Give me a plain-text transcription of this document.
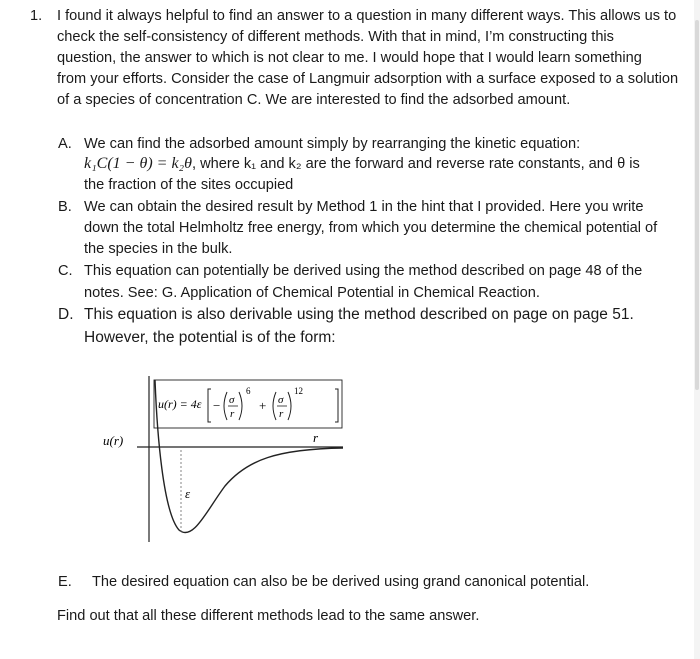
1. I found it always helpful to find an answer to a question in many different ways. This allows us to
check the self-consistency of different methods. With that in mind, I’m constructing this
question, the answer to which is not clear to me. I would hope that I would learn something
from your efforts. Consider the case of Langmuir adsorption with a surface exposed to a solution
of a species of concentration C. We are interested to find the adsorbed amount.
A. We can find the adsorbed amount simply by rearranging the kinetic equation:
k₁C(1 − θ) = k₂θ, where k₁ and k₂ are the forward and reverse rate constants, and θ is
the fraction of the sites occupied
B. We can obtain the desired result by Method 1 in the hint that I provided. Here you write
down the total Helmholtz free energy, from which you determine the chemical potential of
the species in the bulk.
C. This equation can potentially be derived using the method described on page 48 of the
notes. See: G. Application of Chemical Potential in Chemical Reaction.
D. This equation is also derivable using the method described on page on page 51.
However, the potential is of the form:
u(r) = 4ε − σ
r
6
+ σ
r
12
u(r)	r
ε
E. The desired equation can also be be derived using grand canonical potential.
Find out that all these different methods lead to the same answer.
